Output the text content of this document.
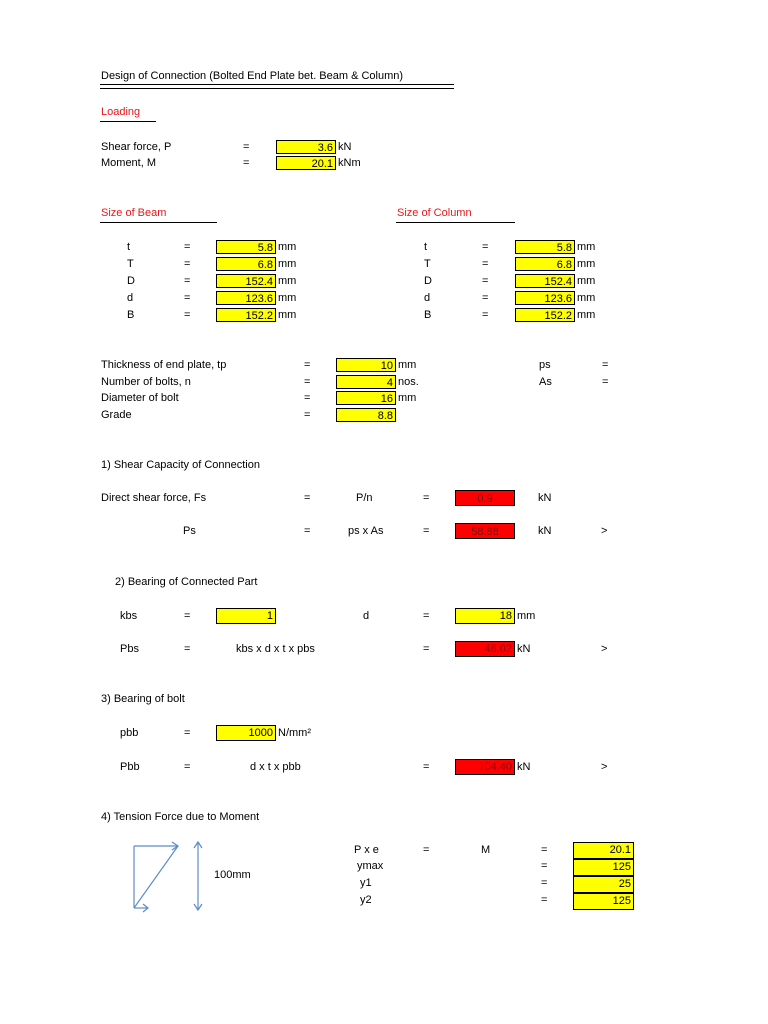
Design of Connection (Bolted End Plate bet. Beam & Column)
Loading
Shear force, P	=	3.6 kN
Moment, M	=	20.1 kNm
Size of Beam
t	=	5.8 mm
T	=	6.8 mm
D	=	152.4 mm
d	=	123.6 mm
B	=	152.2 mm
Size of Column
t	=	5.8 mm
T	=	6.8 mm
D	=	152.4 mm
d	=	123.6 mm
B	=	152.2 mm
Thickness of end plate, tp	=	10 mm
Number of bolts, n	=	4 nos.
Diameter of bolt	=	16 mm
Grade	=	8.8
ps	=
As	=
1) Shear Capacity of Connection
Direct shear force, Fs	=	P/n	=	0.9	kN
Ps	=	ps x As	=	58.88	kN	>
2) Bearing of Connected Part
kbs	=	1	d	=	18 mm
Pbs	=	kbs x d x t x pbs	=	48.02 kN	>
3) Bearing of bolt
pbb	=	1000 N/mm²
Pbb	=	d x t x pbb	=	104.40 kN	>
4) Tension Force due to Moment
100mm
P x e	=	M	=	20.1
ymax	=	125
y1	=	25
y2	=	125
